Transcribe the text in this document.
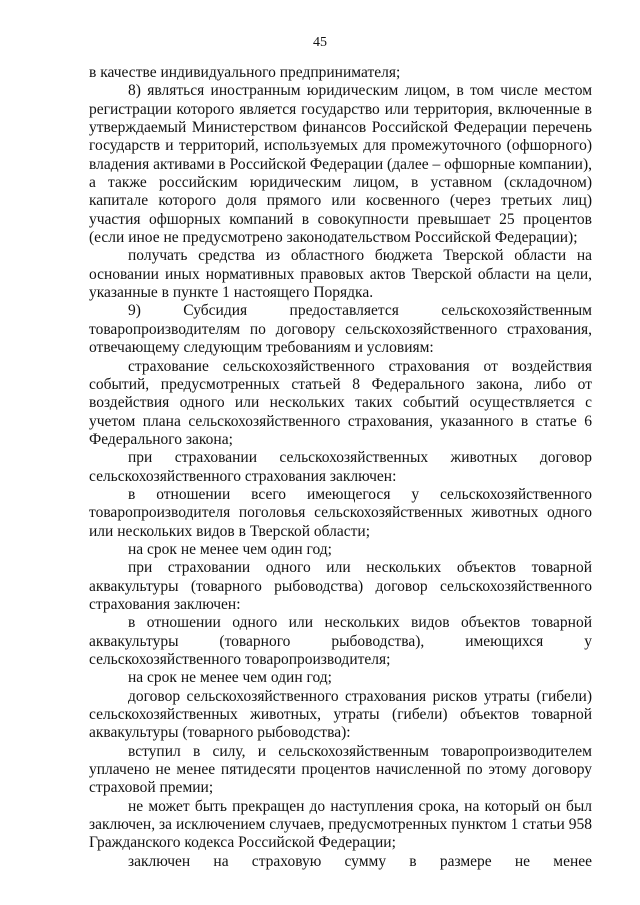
45

в качестве индивидуального предпринимателя;

8) являться иностранным юридическим лицом, в том числе местом регистрации которого является государство или территория, включенные в утверждаемый Министерством финансов Российской Федерации перечень государств и территорий, используемых для промежуточного (офшорного) владения активами в Российской Федерации (далее – офшорные компании), а также российским юридическим лицом, в уставном (складочном) капитале которого доля прямого или косвенного (через третьих лиц) участия офшорных компаний в совокупности превышает 25 процентов (если иное не предусмотрено законодательством Российской Федерации);

получать средства из областного бюджета Тверской области на основании иных нормативных правовых актов Тверской области на цели, указанные в пункте 1 настоящего Порядка.

9) Субсидия предоставляется сельскохозяйственным товаропроизводителям по договору сельскохозяйственного страхования, отвечающему следующим требованиям и условиям:

страхование сельскохозяйственного страхования от воздействия событий, предусмотренных статьей 8 Федерального закона, либо от воздействия одного или нескольких таких событий осуществляется с учетом плана сельскохозяйственного страхования, указанного в статье 6 Федерального закона;

при страховании сельскохозяйственных животных договор сельскохозяйственного страхования заключен:

в отношении всего имеющегося у сельскохозяйственного товаропроизводителя поголовья сельскохозяйственных животных одного или нескольких видов в Тверской области;

на срок не менее чем один год;

при страховании одного или нескольких объектов товарной аквакультуры (товарного рыбоводства) договор сельскохозяйственного страхования заключен:

в отношении одного или нескольких видов объектов товарной аквакультуры (товарного рыбоводства), имеющихся у сельскохозяйственного товаропроизводителя;

на срок не менее чем один год;

договор сельскохозяйственного страхования рисков утраты (гибели) сельскохозяйственных животных, утраты (гибели) объектов товарной аквакультуры (товарного рыбоводства):

вступил в силу, и сельскохозяйственным товаропроизводителем уплачено не менее пятидесяти процентов начисленной по этому договору страховой премии;

не может быть прекращен до наступления срока, на который он был заключен, за исключением случаев, предусмотренных пунктом 1 статьи 958 Гражданского кодекса Российской Федерации;

заключен на страховую сумму в размере не менее
